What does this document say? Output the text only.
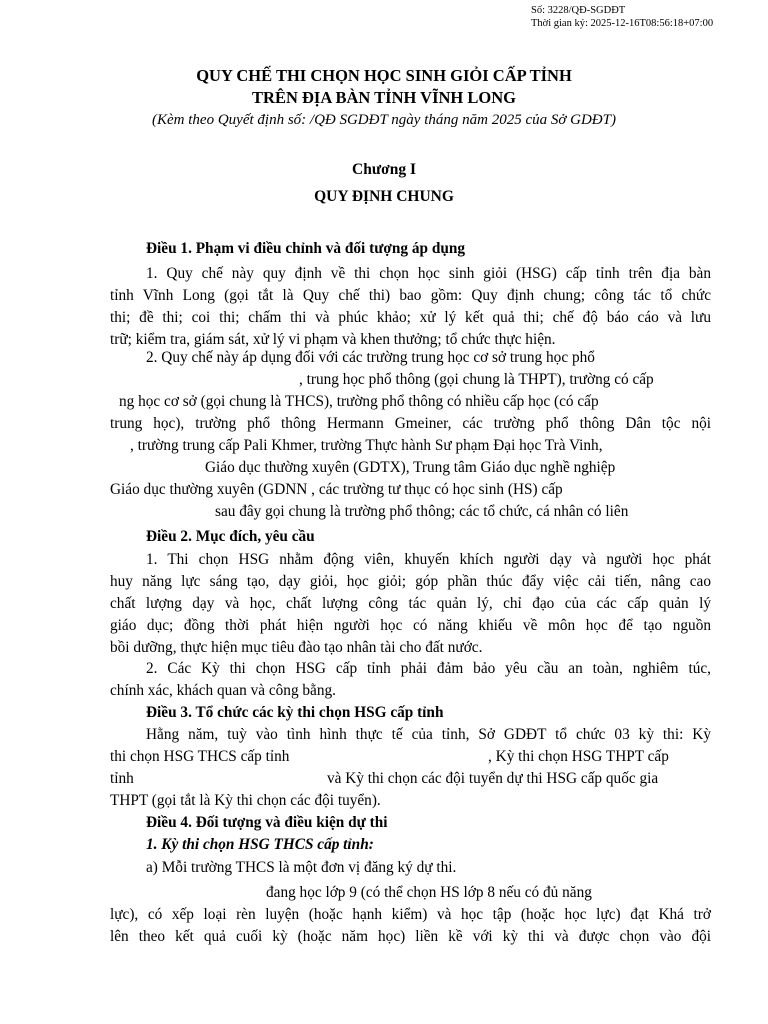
Số: 3228/QĐ-SGDĐT
Thời gian ký: 2025-12-16T08:56:18+07:00
QUY CHẾ THI CHỌN HỌC SINH GIỎI CẤP TỈNH
TRÊN ĐỊA BÀN TỈNH VĨNH LONG
(Kèm theo Quyết định số: /QĐ SGDĐT ngày tháng năm 2025 của Sở GDĐT)
Chương I
QUY ĐỊNH CHUNG
Điều 1. Phạm vi điều chỉnh và đối tượng áp dụng
1. Quy chế này quy định về thi chọn học sinh giỏi (HSG) cấp tỉnh trên địa bàn
tỉnh Vĩnh Long (gọi tắt là Quy chế thi) bao gồm: Quy định chung; công tác tổ chức
thi; đề thi; coi thi; chấm thi và phúc khảo; xử lý kết quả thi; chế độ báo cáo và lưu
trữ; kiểm tra, giám sát, xử lý vi phạm và khen thưởng; tổ chức thực hiện.
2. Quy chế này áp dụng đối với các trường trung học cơ sở trung học phổ
, trung học phổ thông (gọi chung là THPT), trường có cấp
ng học cơ sở (gọi chung là THCS), trường phổ thông có nhiều cấp học (có cấp
trung học), trường phổ thông Hermann Gmeiner, các trường phổ thông Dân tộc nội
, trường trung cấp Pali Khmer, trường Thực hành Sư phạm Đại học Trà Vinh,
Giáo dục thường xuyên (GDTX), Trung tâm Giáo dục nghề nghiệp
Giáo dục thường xuyên (GDNN , các trường tư thục có học sinh (HS) cấp
sau đây gọi chung là trường phổ thông; các tổ chức, cá nhân có liên
Điều 2. Mục đích, yêu cầu
1. Thi chọn HSG nhằm động viên, khuyến khích người dạy và người học phát
huy năng lực sáng tạo, dạy giỏi, học giỏi; góp phần thúc đẩy việc cải tiến, nâng cao
chất lượng dạy và học, chất lượng công tác quản lý, chỉ đạo của các cấp quản lý
giáo dục; đồng thời phát hiện người học có năng khiếu về môn học để tạo nguồn
bồi dưỡng, thực hiện mục tiêu đào tạo nhân tài cho đất nước.
2. Các Kỳ thi chọn HSG cấp tỉnh phải đảm bảo yêu cầu an toàn, nghiêm túc,
chính xác, khách quan và công bằng.
Điều 3. Tổ chức các kỳ thi chọn HSG cấp tỉnh
Hằng năm, tuỳ vào tình hình thực tế của tỉnh, Sở GDĐT tổ chức 03 kỳ thi: Kỳ
thi chọn HSG THCS cấp tỉnh	, Kỳ thi chọn HSG THPT cấp
tỉnh	và Kỳ thi chọn các đội tuyển dự thi HSG cấp quốc gia
THPT (gọi tắt là Kỳ thi chọn các đội tuyển).
Điều 4. Đối tượng và điều kiện dự thi
1. Kỳ thi chọn HSG THCS cấp tỉnh:
a) Mỗi trường THCS là một đơn vị đăng ký dự thi.
đang học lớp 9 (có thể chọn HS lớp 8 nếu có đủ năng
lực), có xếp loại rèn luyện (hoặc hạnh kiểm) và học tập (hoặc học lực) đạt Khá trở
lên theo kết quả cuối kỳ (hoặc năm học) liền kề với kỳ thi và được chọn vào đội
